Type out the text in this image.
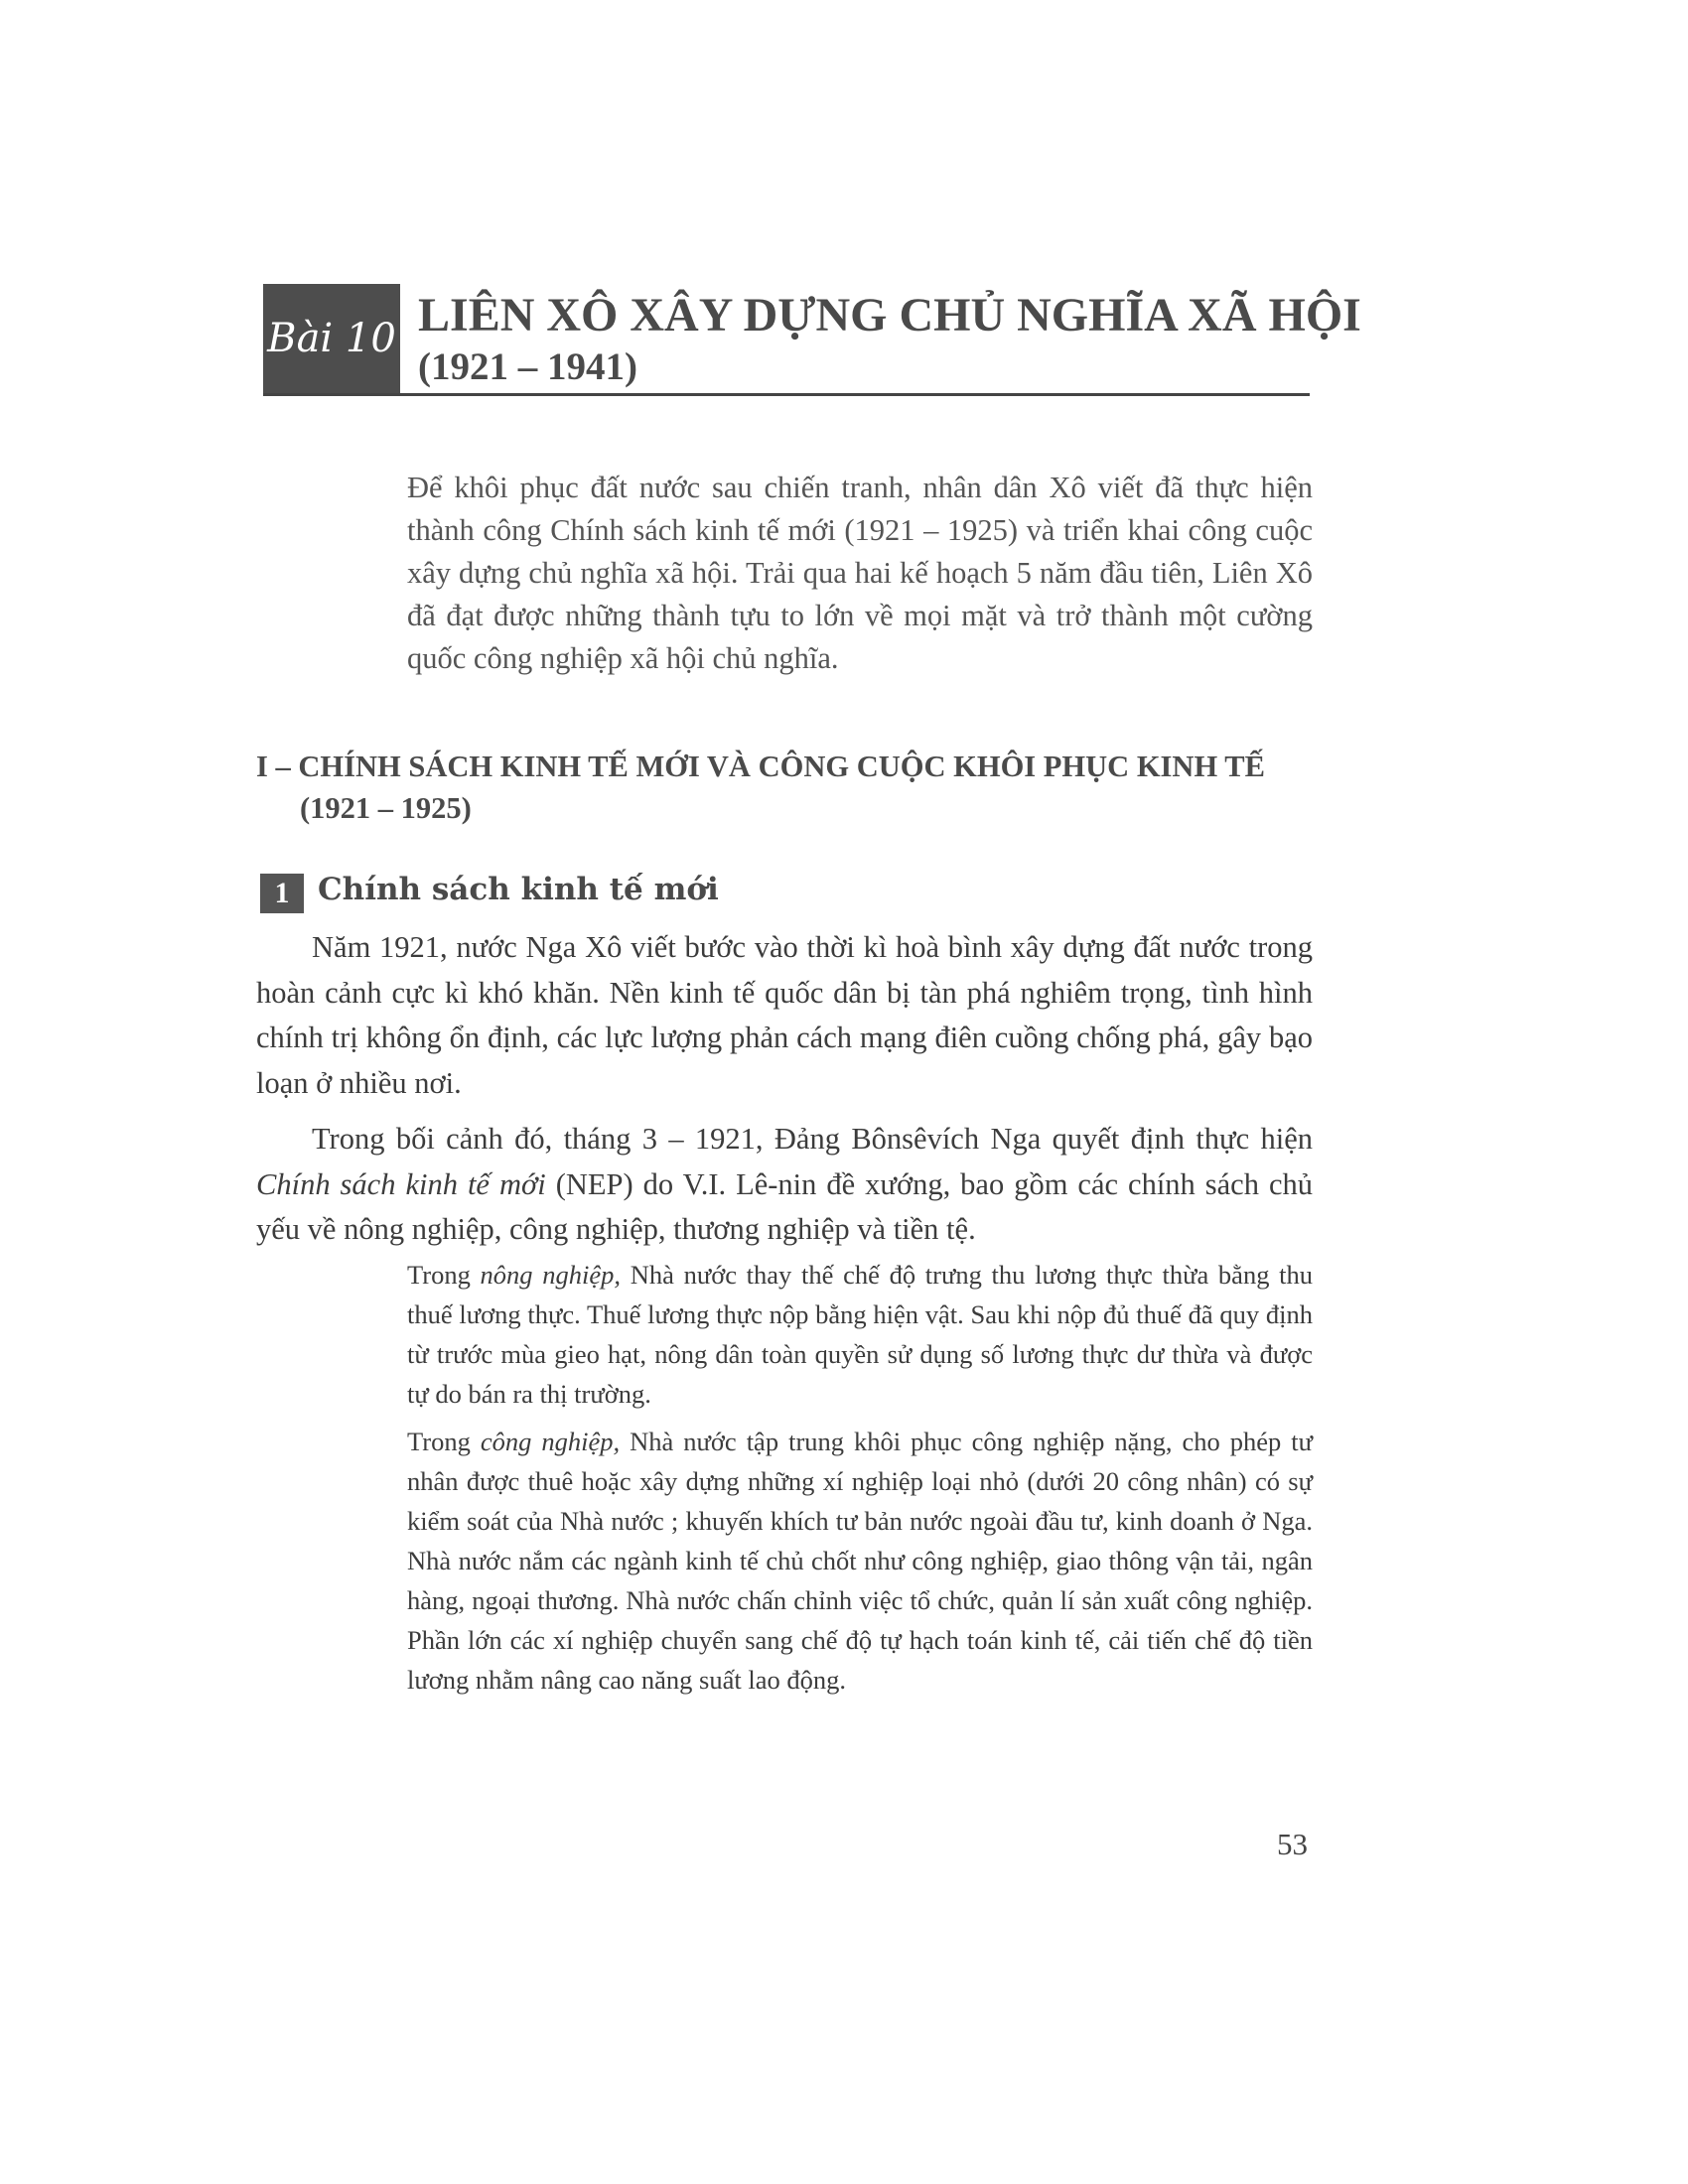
Bài 10 LIÊN XÔ XÂY DỰNG CHỦ NGHĨA XÃ HỘI
(1921 – 1941)

Để khôi phục đất nước sau chiến tranh, nhân dân Xô viết đã thực hiện thành công Chính sách kinh tế mới (1921 – 1925) và triển khai công cuộc xây dựng chủ nghĩa xã hội. Trải qua hai kế hoạch 5 năm đầu tiên, Liên Xô đã đạt được những thành tựu to lớn về mọi mặt và trở thành một cường quốc công nghiệp xã hội chủ nghĩa.

I – CHÍNH SÁCH KINH TẾ MỚI VÀ CÔNG CUỘC KHÔI PHỤC KINH TẾ

(1921 – 1925)

1 Chính sách kinh tế mới

Năm 1921, nước Nga Xô viết bước vào thời kì hoà bình xây dựng đất nước trong hoàn cảnh cực kì khó khăn. Nền kinh tế quốc dân bị tàn phá nghiêm trọng, tình hình chính trị không ổn định, các lực lượng phản cách mạng điên cuồng chống phá, gây bạo loạn ở nhiều nơi.

Trong bối cảnh đó, tháng 3 – 1921, Đảng Bônsêvích Nga quyết định thực hiện Chính sách kinh tế mới (NEP) do V.I. Lê-nin đề xướng, bao gồm các chính sách chủ yếu về nông nghiệp, công nghiệp, thương nghiệp và tiền tệ.

Trong nông nghiệp, Nhà nước thay thế chế độ trưng thu lương thực thừa bằng thu thuế lương thực. Thuế lương thực nộp bằng hiện vật. Sau khi nộp đủ thuế đã quy định từ trước mùa gieo hạt, nông dân toàn quyền sử dụng số lương thực dư thừa và được tự do bán ra thị trường.

Trong công nghiệp, Nhà nước tập trung khôi phục công nghiệp nặng, cho phép tư nhân được thuê hoặc xây dựng những xí nghiệp loại nhỏ (dưới 20 công nhân) có sự kiểm soát của Nhà nước ; khuyến khích tư bản nước ngoài đầu tư, kinh doanh ở Nga. Nhà nước nắm các ngành kinh tế chủ chốt như công nghiệp, giao thông vận tải, ngân hàng, ngoại thương. Nhà nước chấn chỉnh việc tổ chức, quản lí sản xuất công nghiệp. Phần lớn các xí nghiệp chuyển sang chế độ tự hạch toán kinh tế, cải tiến chế độ tiền lương nhằm nâng cao năng suất lao động.

53
